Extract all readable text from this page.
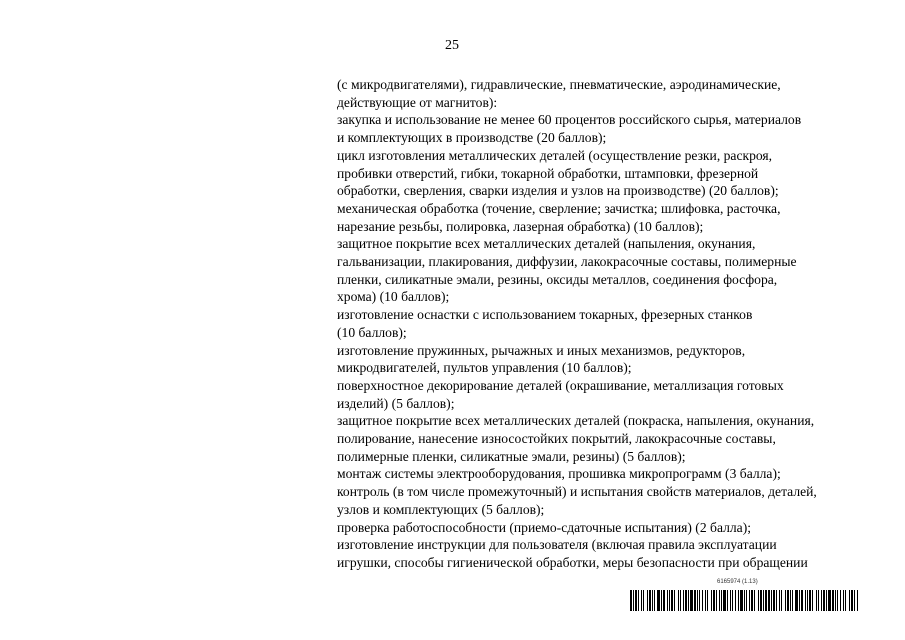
25
(с микродвигателями), гидравлические, пневматические, аэродинамические,
действующие от магнитов):
закупка и использование не менее 60 процентов российского сырья, материалов
и комплектующих в производстве (20 баллов);
цикл изготовления металлических деталей (осуществление резки, раскроя,
пробивки отверстий, гибки, токарной обработки, штамповки, фрезерной
обработки, сверления, сварки изделия и узлов на производстве) (20 баллов);
механическая обработка (точение, сверление; зачистка; шлифовка, расточка,
нарезание резьбы, полировка, лазерная обработка) (10 баллов);
защитное покрытие всех металлических деталей (напыления, окунания,
гальванизации, плакирования, диффузии, лакокрасочные составы, полимерные
пленки, силикатные эмали, резины, оксиды металлов, соединения фосфора,
хрома) (10 баллов);
изготовление оснастки с использованием токарных, фрезерных станков
(10 баллов);
изготовление пружинных, рычажных и иных механизмов, редукторов,
микродвигателей, пультов управления (10 баллов);
поверхностное декорирование деталей (окрашивание, металлизация готовых
изделий) (5 баллов);
защитное покрытие всех металлических деталей (покраска, напыления, окунания,
полирование, нанесение износостойких покрытий, лакокрасочные составы,
полимерные пленки, силикатные эмали, резины) (5 баллов);
монтаж системы электрооборудования, прошивка микропрограмм (3 балла);
контроль (в том числе промежуточный) и испытания свойств материалов, деталей,
узлов и комплектующих (5 баллов);
проверка работоспособности (приемо-сдаточные испытания) (2 балла);
изготовление инструкции для пользователя (включая правила эксплуатации
игрушки, способы гигиенической обработки, меры безопасности при обращении
6165974 (1.13)
